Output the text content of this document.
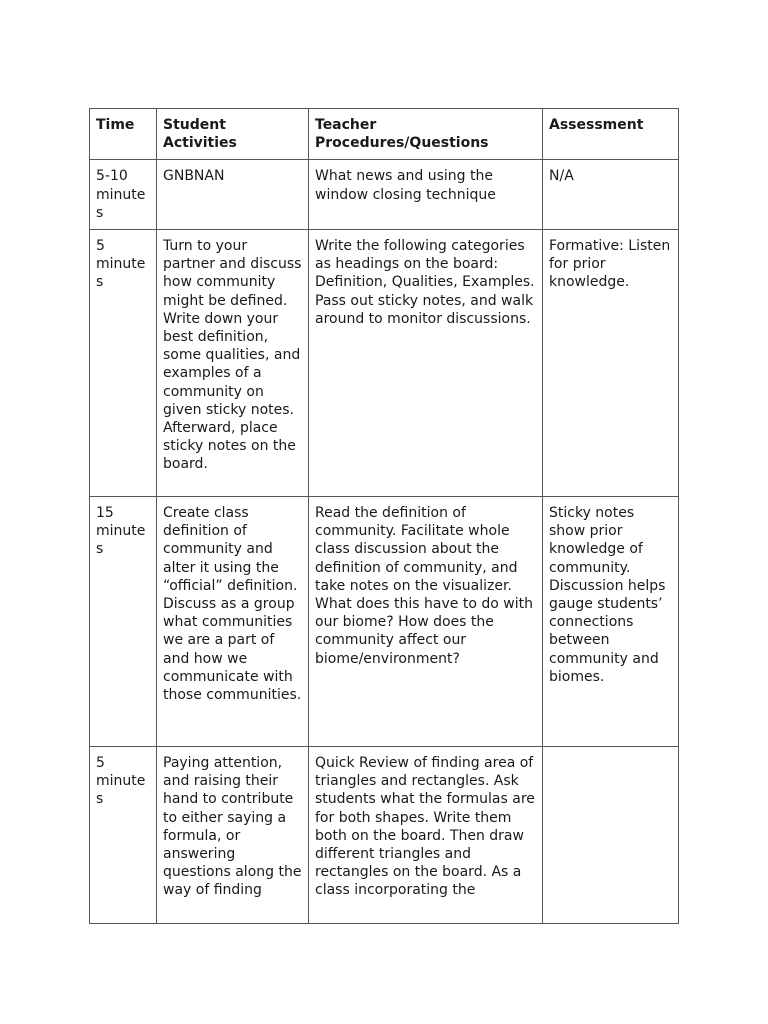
Time	Student Activities	Teacher Procedures/Questions	Assessment
5-10 minutes	GNBNAN	What news and using the window closing technique	N/A
5 minutes	Turn to your partner and discuss how community might be defined. Write down your best definition, some qualities, and examples of a community on given sticky notes. Afterward, place sticky notes on the board.	Write the following categories as headings on the board: Definition, Qualities, Examples. Pass out sticky notes, and walk around to monitor discussions.	Formative: Listen for prior knowledge.
15 minutes	Create class definition of community and alter it using the “official” definition. Discuss as a group what communities we are a part of and how we communicate with those communities.	Read the definition of community. Facilitate whole class discussion about the definition of community, and take notes on the visualizer. What does this have to do with our biome? How does the community affect our biome/environment?	Sticky notes show prior knowledge of community. Discussion helps gauge students’ connections between community and biomes.
5 minutes	Paying attention, and raising their hand to contribute to either saying a formula, or answering questions along the way of finding	Quick Review of finding area of triangles and rectangles. Ask students what the formulas are for both shapes. Write them both on the board. Then draw different triangles and rectangles on the board. As a class incorporating the	
